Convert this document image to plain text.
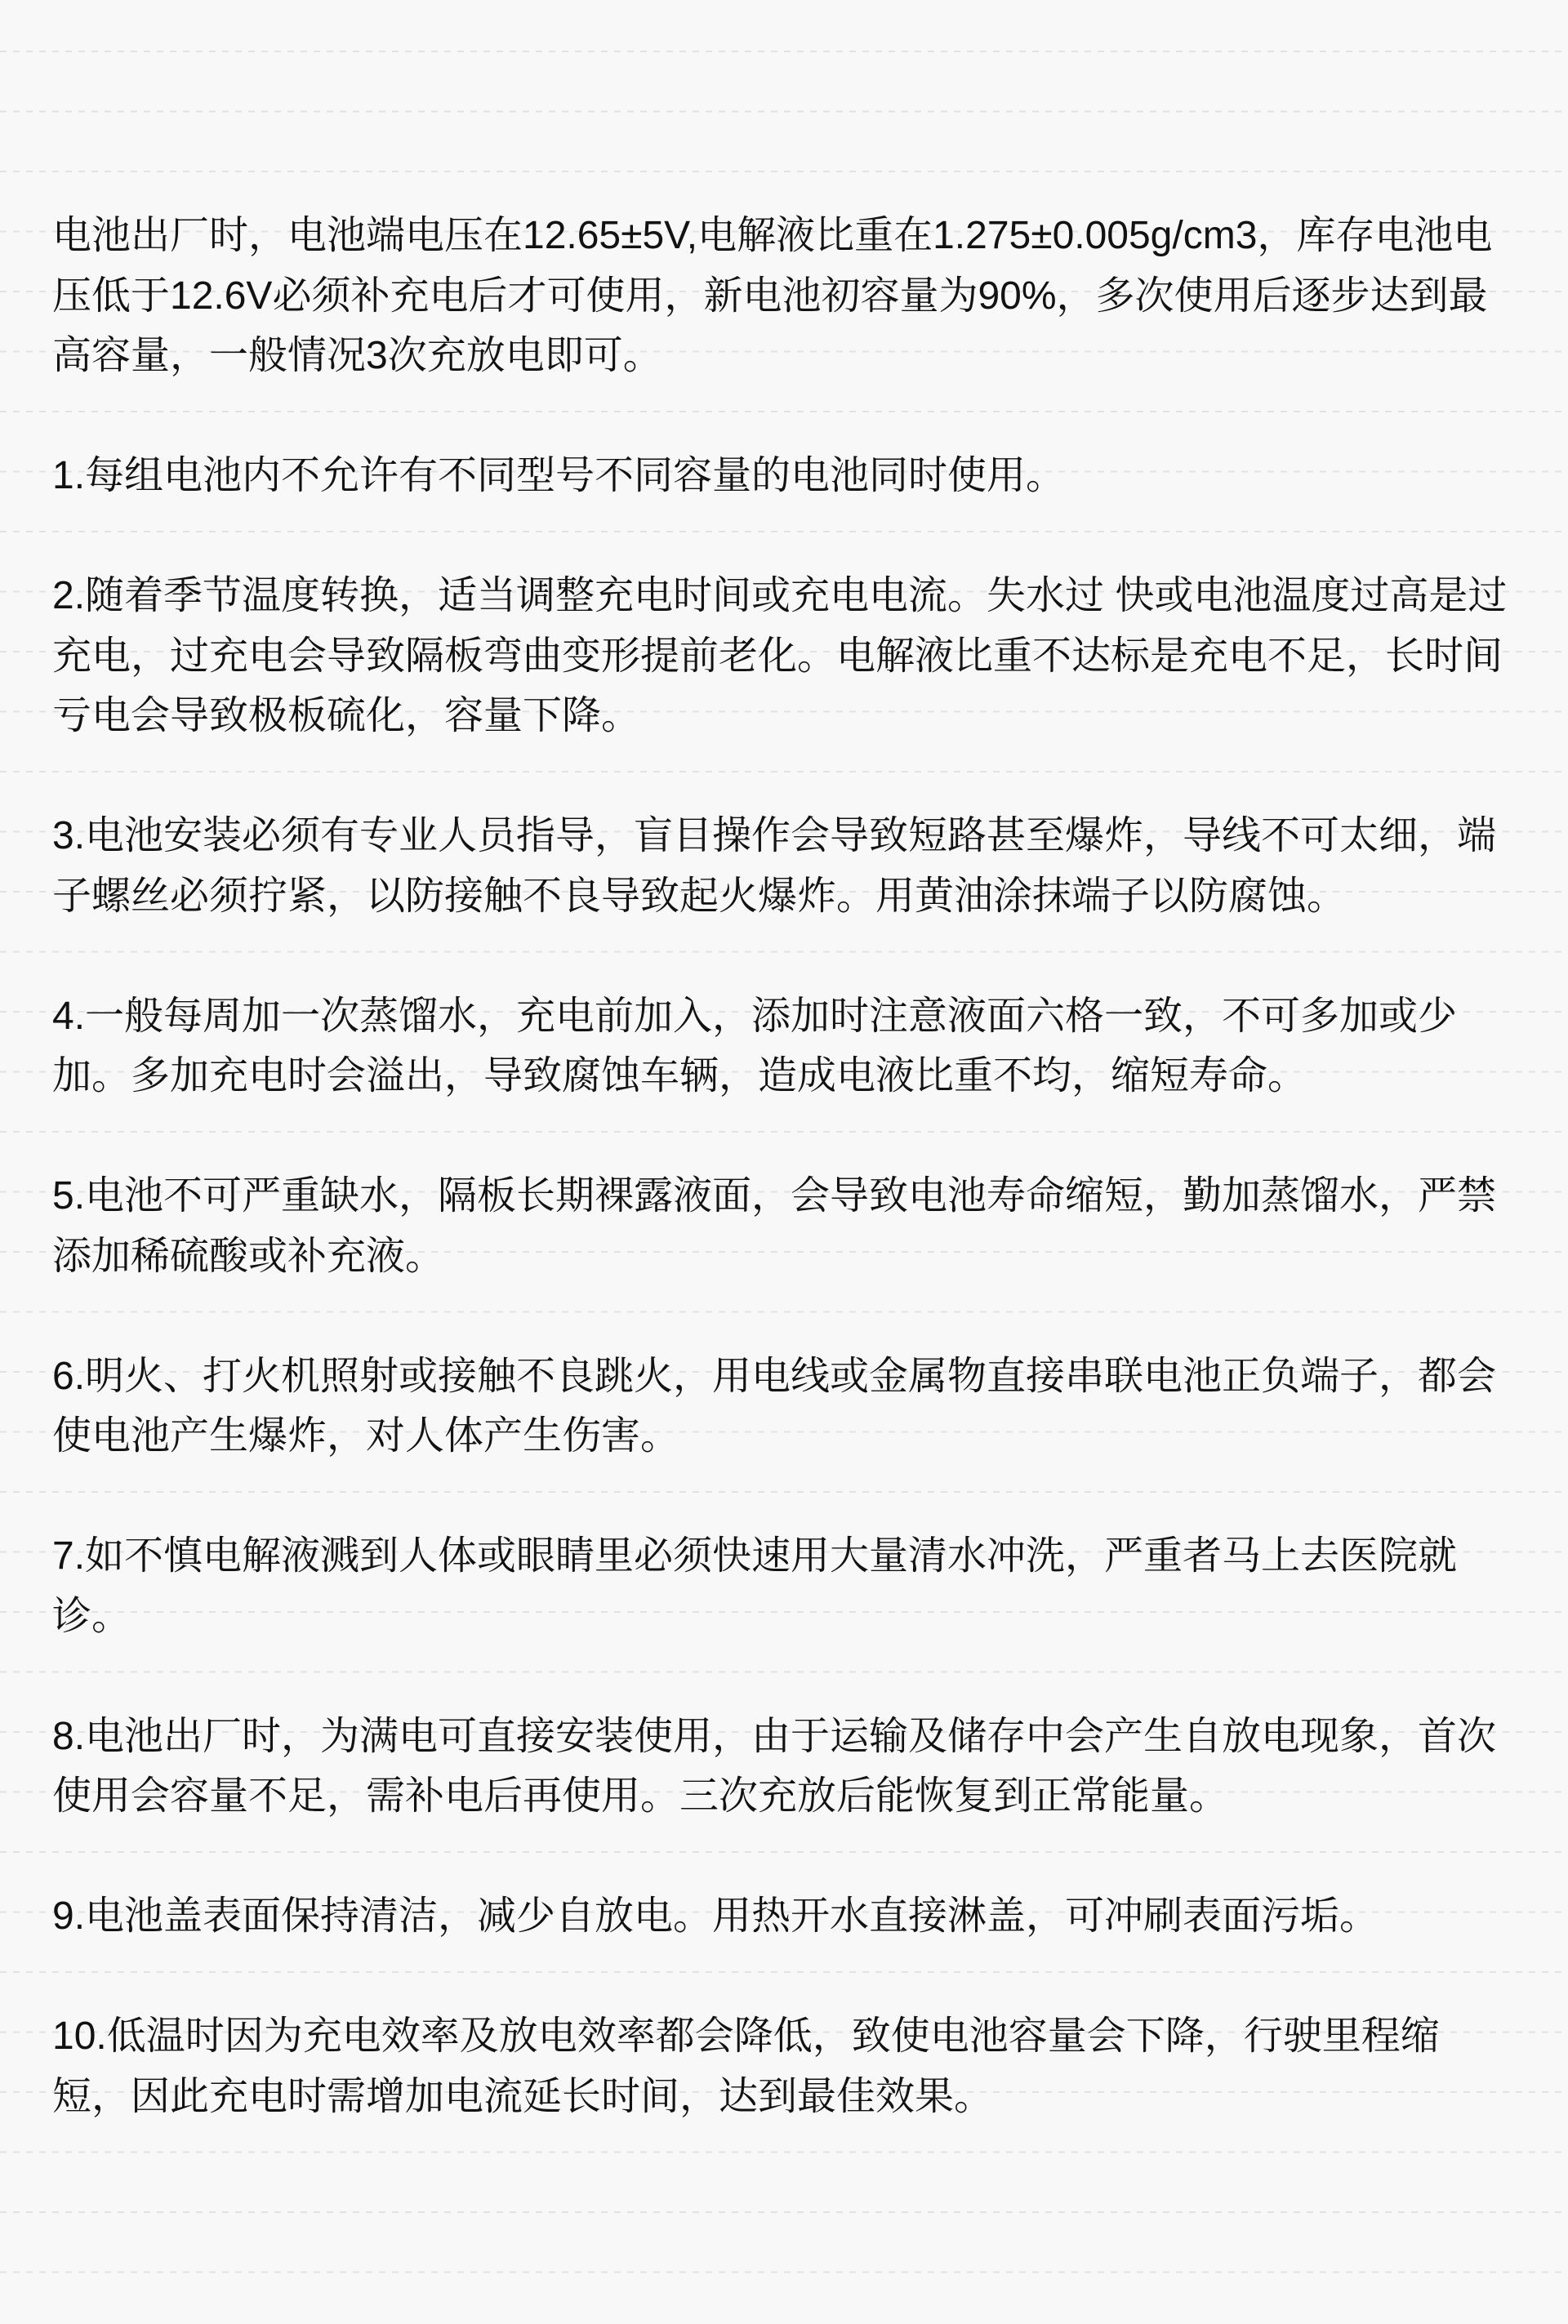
电池出厂时，电池端电压在12.65±5V,电解液比重在1.275±0.005g/cm3，库存电池电压低于12.6V必须补充电后才可使用，新电池初容量为90%，多次使用后逐步达到最高容量，一般情况3次充放电即可。

1.每组电池内不允许有不同型号不同容量的电池同时使用。

2.随着季节温度转换，适当调整充电时间或充电电流。失水过 快或电池温度过高是过充电，过充电会导致隔板弯曲变形提前老化。电解液比重不达标是充电不足，长时间亏电会导致极板硫化，容量下降。

3.电池安装必须有专业人员指导，盲目操作会导致短路甚至爆炸，导线不可太细，端子螺丝必须拧紧，以防接触不良导致起火爆炸。用黄油涂抹端子以防腐蚀。

4.一般每周加一次蒸馏水，充电前加入，添加时注意液面六格一致，不可多加或少加。多加充电时会溢出，导致腐蚀车辆，造成电液比重不均，缩短寿命。

5.电池不可严重缺水，隔板长期裸露液面，会导致电池寿命缩短，勤加蒸馏水，严禁添加稀硫酸或补充液。

6.明火、打火机照射或接触不良跳火，用电线或金属物直接串联电池正负端子，都会使电池产生爆炸，对人体产生伤害。

7.如不慎电解液溅到人体或眼睛里必须快速用大量清水冲洗，严重者马上去医院就诊。

8.电池出厂时，为满电可直接安装使用，由于运输及储存中会产生自放电现象，首次使用会容量不足，需补电后再使用。三次充放后能恢复到正常能量。

9.电池盖表面保持清洁，减少自放电。用热开水直接淋盖，可冲刷表面污垢。

10.低温时因为充电效率及放电效率都会降低，致使电池容量会下降，行驶里程缩短，因此充电时需增加电流延长时间，达到最佳效果。
